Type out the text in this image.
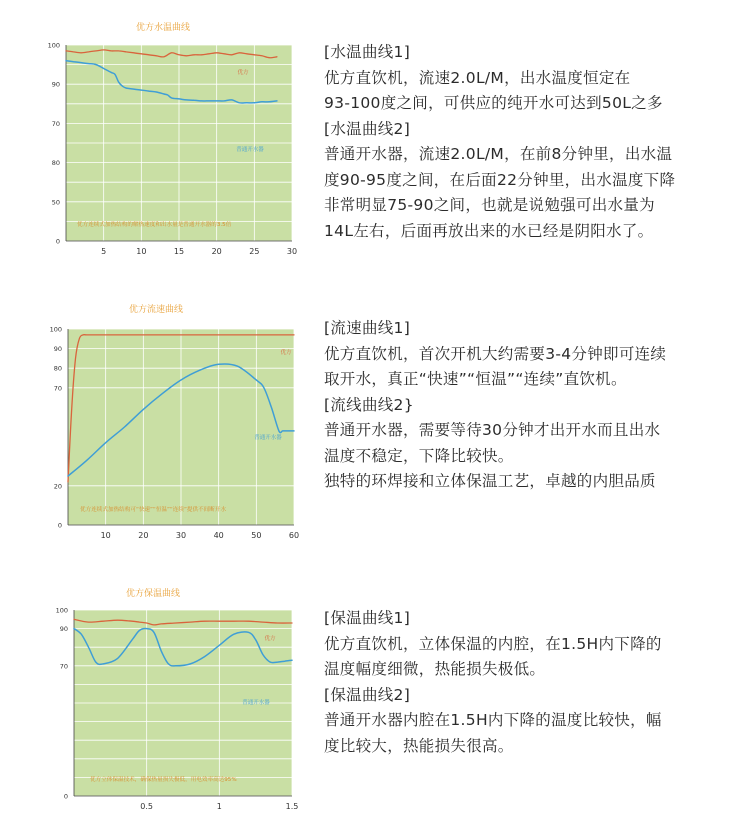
优方水温曲线
0
50
80
70
90
100
5	10	15	20	25	30
优方
普通开水器
优方连续式加热结构的解热速度和出水量是普通开水器的3.5倍

[水温曲线1]

优方直饮机，流速2.0L/M，出水温度恒定在

93-100度之间，可供应的纯开水可达到50L之多

[水温曲线2]

普通开水器，流速2.0L/M，在前8分钟里，出水温

度90-95度之间，在后面22分钟里，出水温度下降

非常明显75-90之间，也就是说勉强可出水量为

14L左右，后面再放出来的水已经是阴阳水了。

优方流速曲线
0
20
70
80
90
100
10	20	30	40	50	60
优方
普通开水器
优方连续式加热结构可“快速”“恒温”“连续”提供不间断开水

[流速曲线1]

优方直饮机，首次开机大约需要3-4分钟即可连续

取开水，真正“快速”“恒温”“连续”直饮机。

[流线曲线2}

普通开水器，需要等待30分钟才出开水而且出水

温度不稳定，下降比较快。

独特的环焊接和立体保温工艺，卓越的内胆品质

优方保温曲线
0
70
90
100
0.5	1	1.5
优方
普通开水器
优方立体保温技术，确保热量损失极低，用电效率高达95%

[保温曲线1]

优方直饮机，立体保温的内腔，在1.5H内下降的

温度幅度细微，热能损失极低。

[保温曲线2]

普通开水器内腔在1.5H内下降的温度比较快，幅

度比较大，热能损失很高。
